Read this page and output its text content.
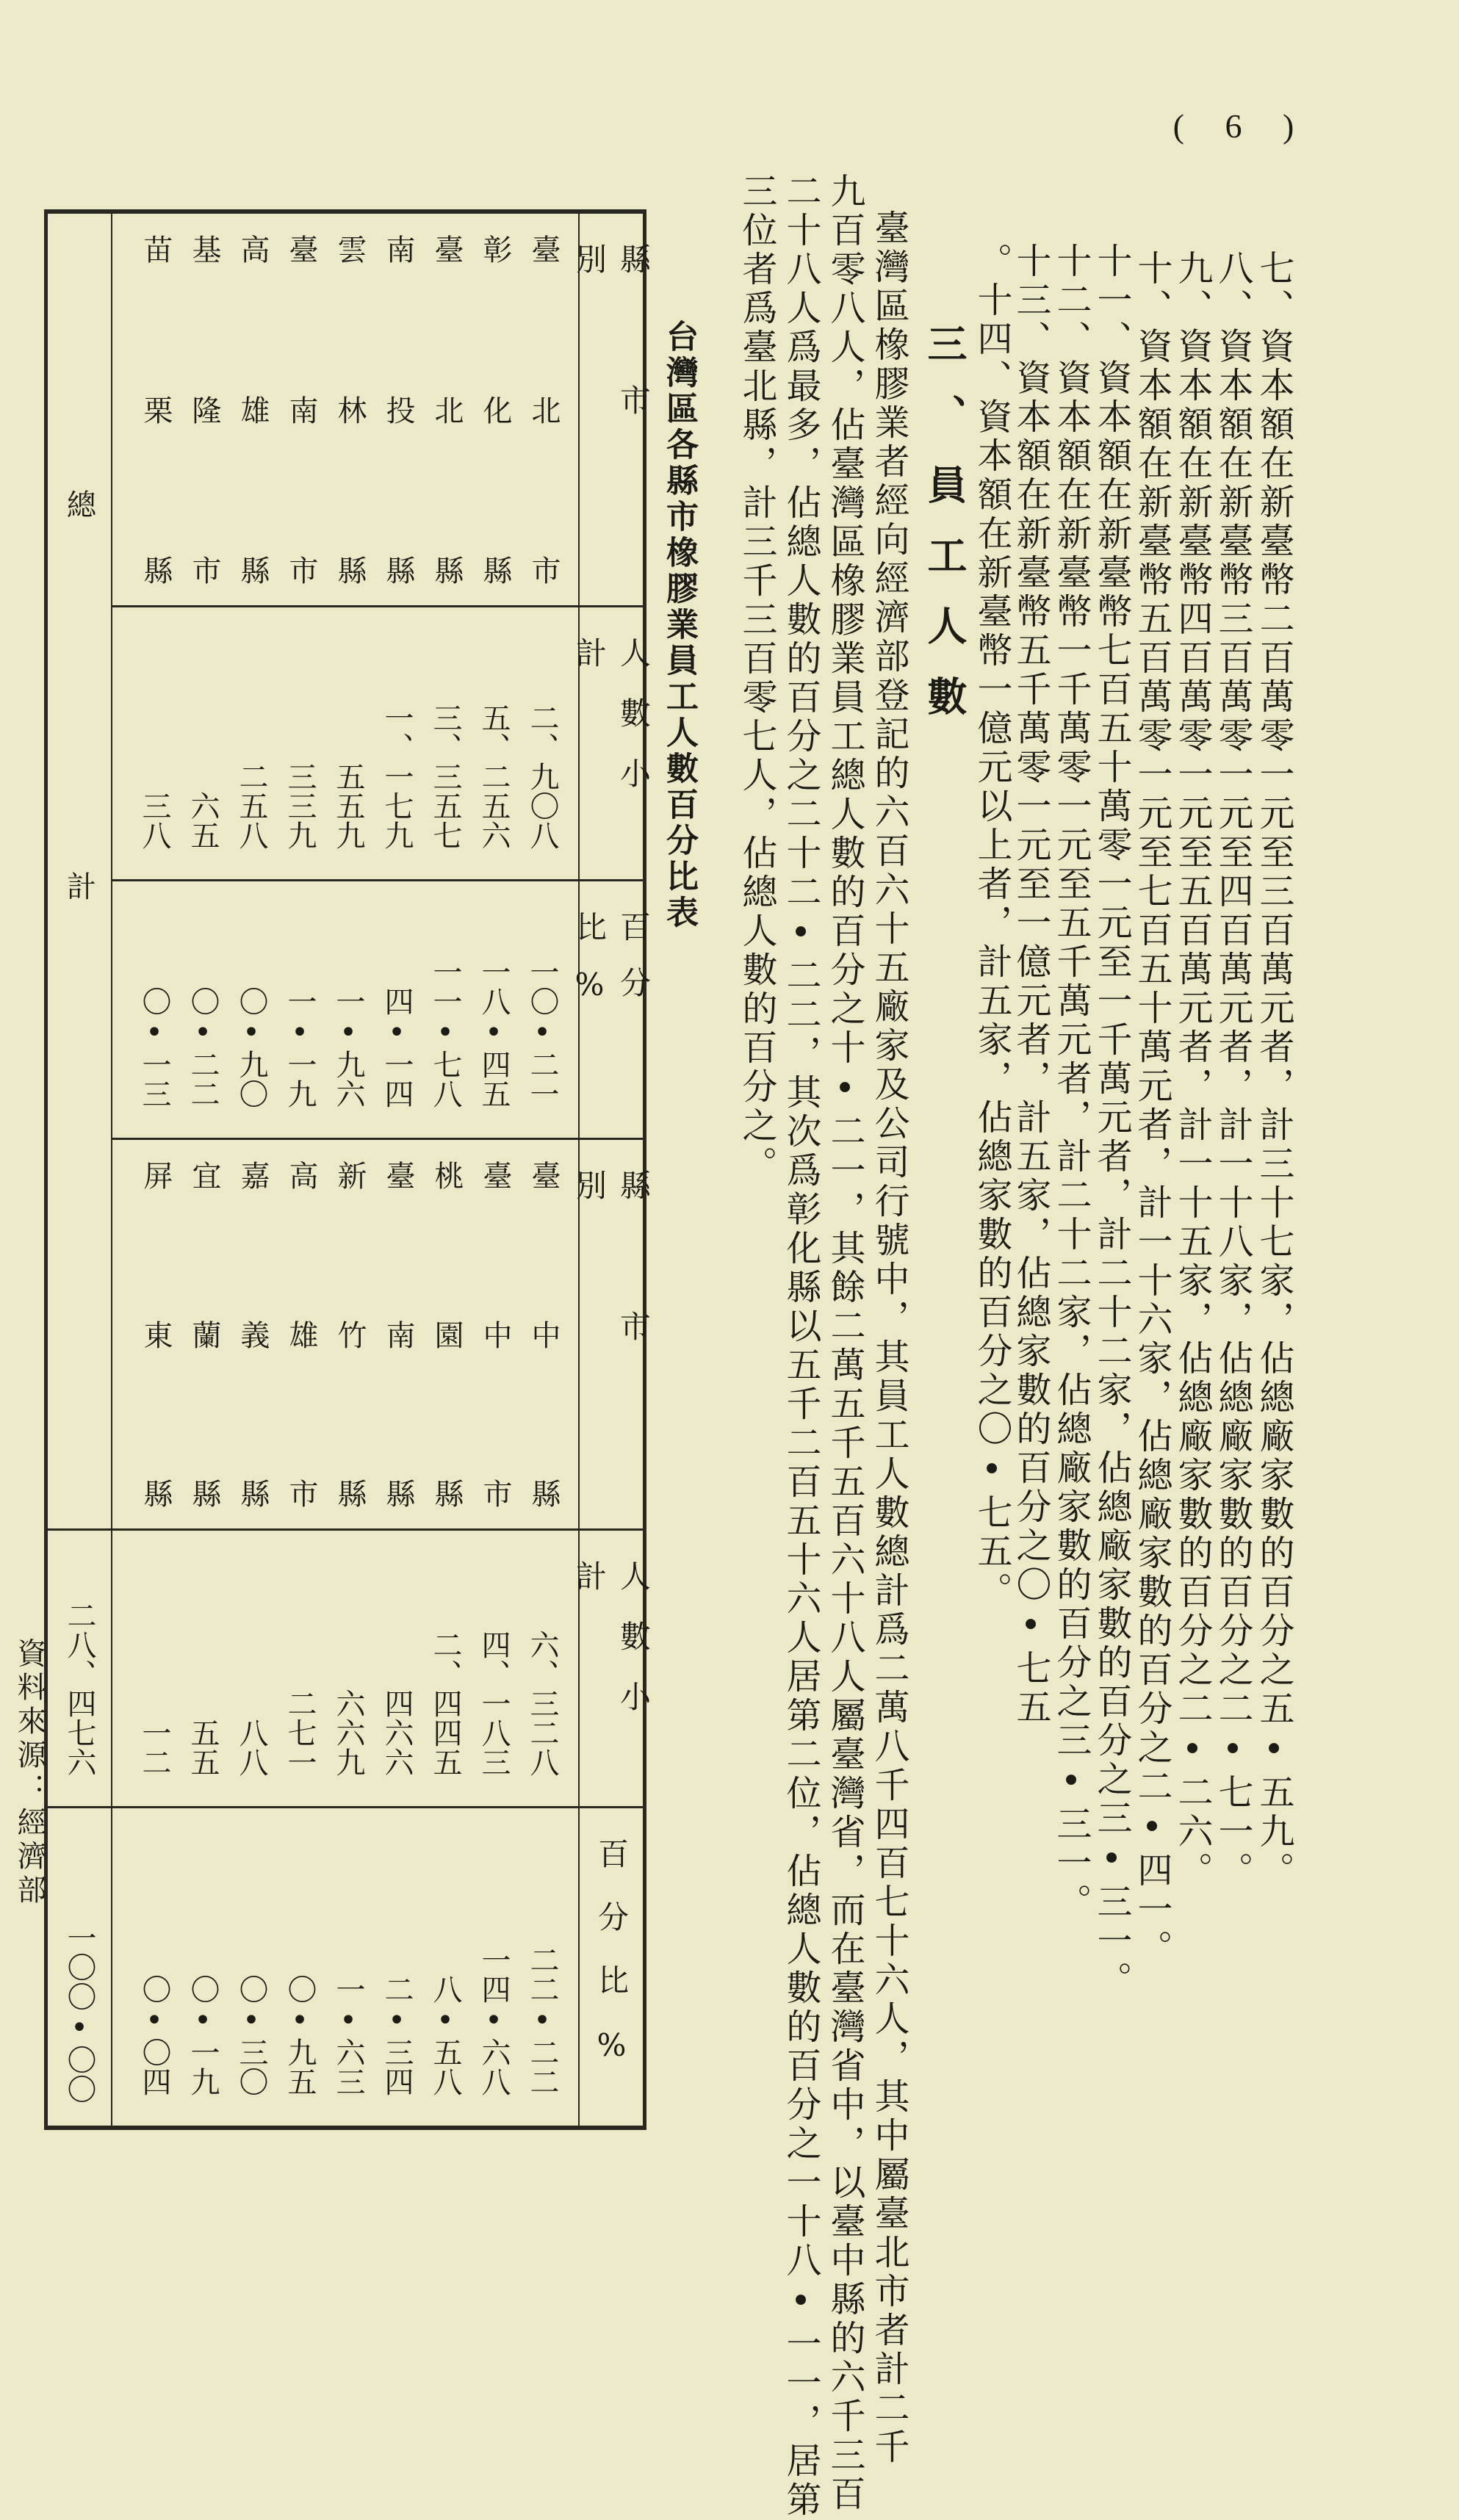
( 6 )
七、資本額在新臺幣二百萬零一元至三百萬元者，計三十七家，佔總廠家數的百分之五•五九。
八、資本額在新臺幣三百萬零一元至四百萬元者，計一十八家，佔總廠家數的百分之二•七一。
九、資本額在新臺幣四百萬零一元至五百萬元者，計一十五家，佔總廠家數的百分之二•二六。
十、資本額在新臺幣五百萬零一元至七百五十萬元者，計一十六家，佔總廠家數的百分之二•四一。
十一、資本額在新臺幣七百五十萬零一元至一千萬元者，計二十二家，佔總廠家數的百分之三•三一。
十二、資本額在新臺幣一千萬零一元至五千萬元者，計二十二家，佔總廠家數的百分之三•三一。
十三、資本額在新臺幣五千萬零一元至一億元者，計五家，佔總家數的百分之〇•七五
。十四、資本額在新臺幣一億元以上者，計五家，佔總家數的百分之〇•七五。
三、員工人數
臺灣區橡膠業者經向經濟部登記的六百六十五廠家及公司行號中，其員工人數總計爲二萬八千四百七十六人，其中屬臺北市者計二千
九百零八人，佔臺灣區橡膠業員工總人數的百分之十•二一，其餘二萬五千五百六十八人屬臺灣省，而在臺灣省中，以臺中縣的六千三百
二十八人爲最多，佔總人數的百分之二十二•二二，其次爲彰化縣以五千二百五十六人居第二位，佔總人數的百分之一十八•一一，居第
三位者爲臺北縣，計三千三百零七人，佔總人數的百分之。
台灣區各縣市橡膠業員工人數百分比表
資料來源：經濟部
縣市別
人數小計
百分比%
縣市別
人數小計
百分比%
總計
二八、四七六
一〇〇•〇〇
臺
北
市
彰
化
縣
臺
北
縣
南
投
縣
雲
林
縣
臺
南
市
高
雄
縣
基
隆
市
苗
栗
縣
二、九〇八
五、二五六
三、三五七
一、一七九
五五九
三三九
二五八
六五
三八
一〇•二一
一八•四五
一一•七八
四•一四
一•九六
一•一九
〇•九〇
〇•二二
〇•一三
臺
中
縣
臺
中
市
桃
園
縣
臺
南
縣
新
竹
縣
高
雄
市
嘉
義
縣
宜
蘭
縣
屏
東
縣
六、三二八
四、一八三
二、四四五
四六六
六六九
二七一
八八
五五
一二
二二•二二
一四•六八
八•五八
二•三四
一•六三
〇•九五
〇•三〇
〇•一九
〇•〇四
